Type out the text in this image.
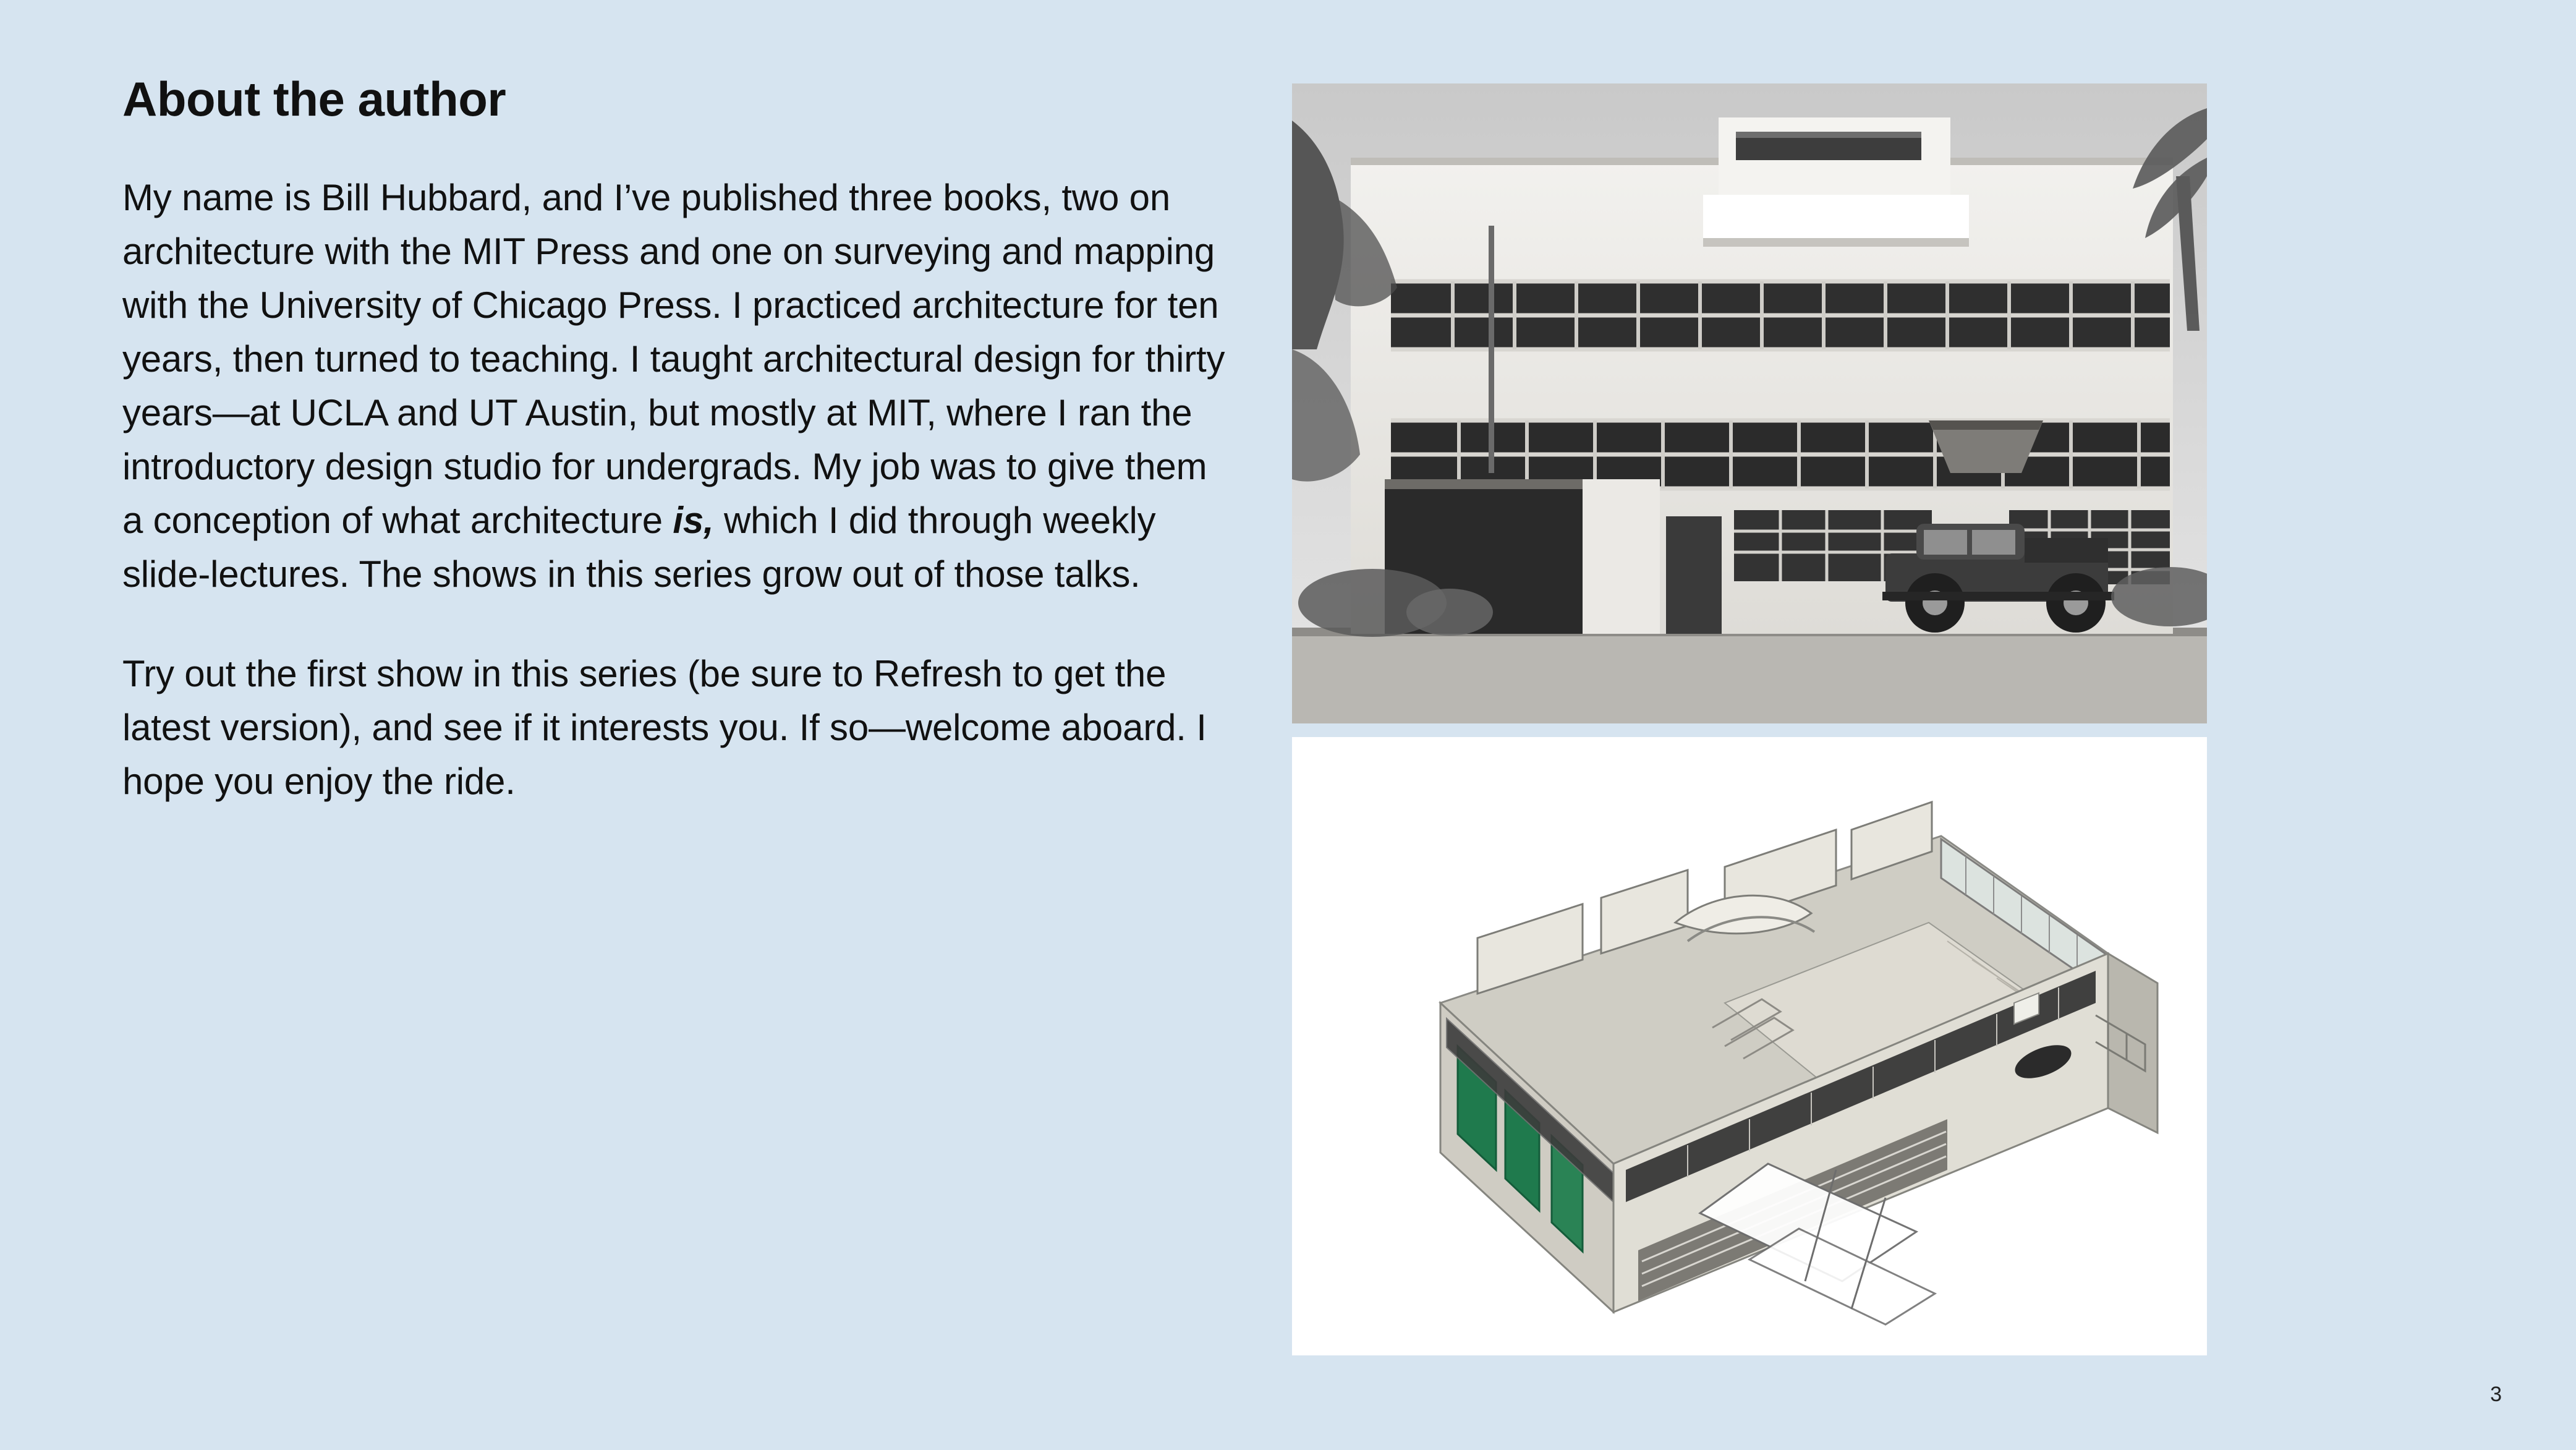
About the author

My name is Bill Hubbard, and I’ve published three books, two on architecture with the MIT Press and one on surveying and mapping with the University of Chicago Press. I practiced architecture for ten years, then turned to teaching. I taught architectural design for thirty years—at UCLA and UT Austin, but mostly at MIT, where I ran the introductory design studio for undergrads. My job was to give them a conception of what architecture is, which I did through weekly slide-lectures. The shows in this series grow out of those talks.

Try out the first show in this series (be sure to Refresh to get the latest version), and see if it interests you. If so—welcome aboard. I hope you enjoy the ride.

3
